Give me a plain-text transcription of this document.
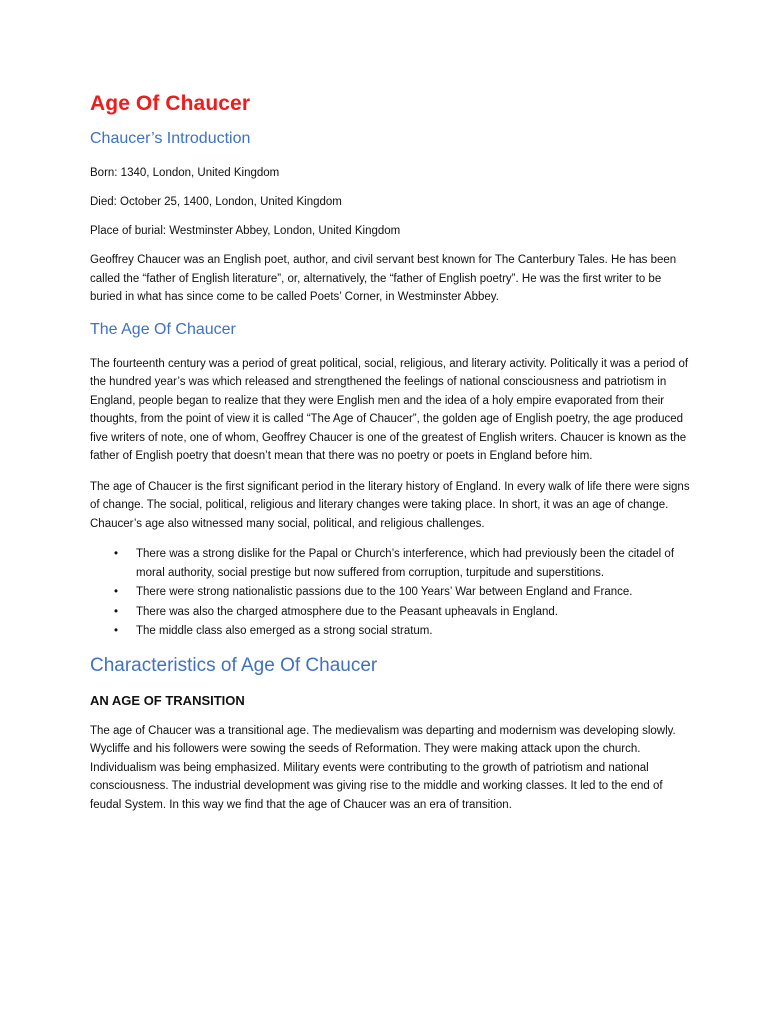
Age Of Chaucer
Chaucer’s Introduction

Born: 1340, London, United Kingdom

Died: October 25, 1400, London, United Kingdom

Place of burial: Westminster Abbey, London, United Kingdom

Geoffrey Chaucer was an English poet, author, and civil servant best known for The Canterbury Tales. He has been called the “father of English literature”, or, alternatively, the “father of English poetry”. He was the first writer to be buried in what has since come to be called Poets’ Corner, in Westminster Abbey.

The Age Of Chaucer

The fourteenth century was a period of great political, social, religious, and literary activity. Politically it was a period of the hundred year’s was which released and strengthened the feelings of national consciousness and patriotism in England, people began to realize that they were English men and the idea of a holy empire evaporated from their thoughts, from the point of view it is called “The Age of Chaucer”, the golden age of English poetry, the age produced five writers of note, one of whom, Geoffrey Chaucer is one of the greatest of English writers. Chaucer is known as the father of English poetry that doesn’t mean that there was no poetry or poets in England before him.

The age of Chaucer is the first significant period in the literary history of England. In every walk of life there were signs of change. The social, political, religious and literary changes were taking place. In short, it was an age of change. Chaucer’s age also witnessed many social, political, and religious challenges.

• There was a strong dislike for the Papal or Church’s interference, which had previously been the citadel of moral authority, social prestige but now suffered from corruption, turpitude and superstitions.
• There were strong nationalistic passions due to the 100 Years’ War between England and France.
• There was also the charged atmosphere due to the Peasant upheavals in England.
• The middle class also emerged as a strong social stratum.
Characteristics of Age Of Chaucer
AN AGE OF TRANSITION

The age of Chaucer was a transitional age. The medievalism was departing and modernism was developing slowly. Wycliffe and his followers were sowing the seeds of Reformation. They were making attack upon the church. Individualism was being emphasized. Military events were contributing to the growth of patriotism and national consciousness. The industrial development was giving rise to the middle and working classes. It led to the end of feudal System. In this way we find that the age of Chaucer was an era of transition.
